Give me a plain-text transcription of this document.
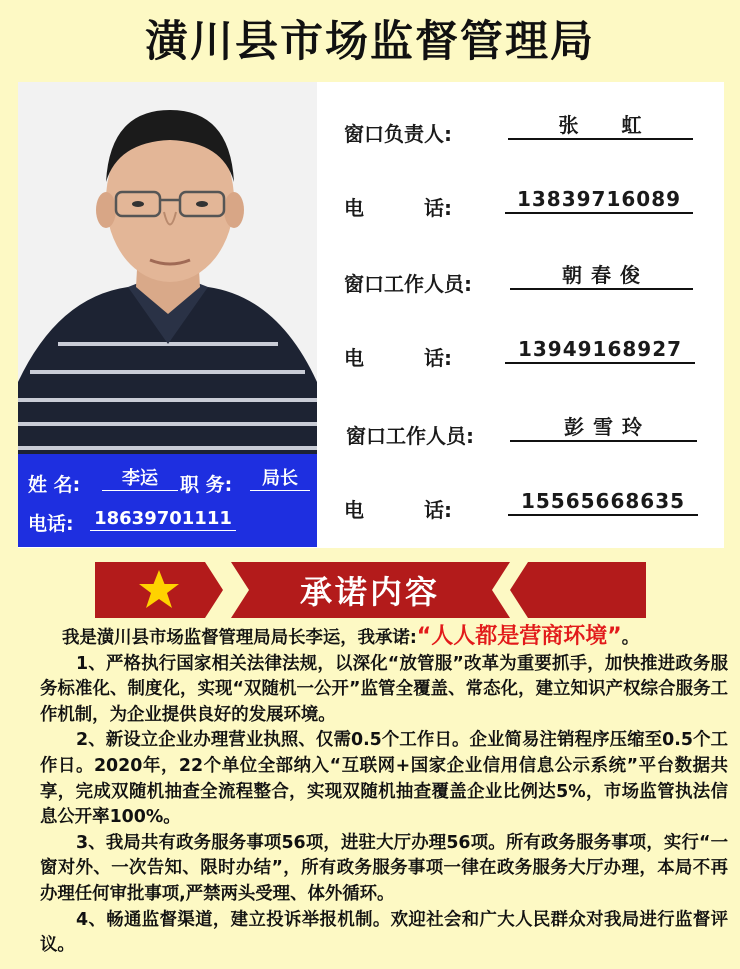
潢川县市场监督管理局
姓 名:	李运	职 务:	局长
电话: 18639701111
窗口负责人:	张　　虹
电　　　话:	13839716089
窗口工作人员:	朝 春 俊
电　　　话:	13949168927
窗口工作人员:	彭 雪 玲
电　　　话:	15565668635
承诺内容

我是潢川县市场监督管理局局长李运，我承诺:“人人都是营商环境”。

1、严格执行国家相关法律法规，以深化“放管服”改革为重要抓手，加快推进政务服务标准化、制度化，实现“双随机一公开”监管全覆盖、常态化，建立知识产权综合服务工作机制，为企业提供良好的发展环境。

2、新设立企业办理营业执照、仅需0.5个工作日。企业简易注销程序压缩至0.5个工作日。2020年，22个单位全部纳入“互联网+国家企业信用信息公示系统”平台数据共享，完成双随机抽查全流程整合，实现双随机抽查覆盖企业比例达5%，市场监管执法信息公开率100%。

3、我局共有政务服务事项56项，进驻大厅办理56项。所有政务服务事项，实行“一窗对外、一次告知、限时办结”，所有政务服务事项一律在政务服务大厅办理，本局不再办理任何审批事项,严禁两头受理、体外循环。

4、畅通监督渠道，建立投诉举报机制。欢迎社会和广大人民群众对我局进行监督评议。
